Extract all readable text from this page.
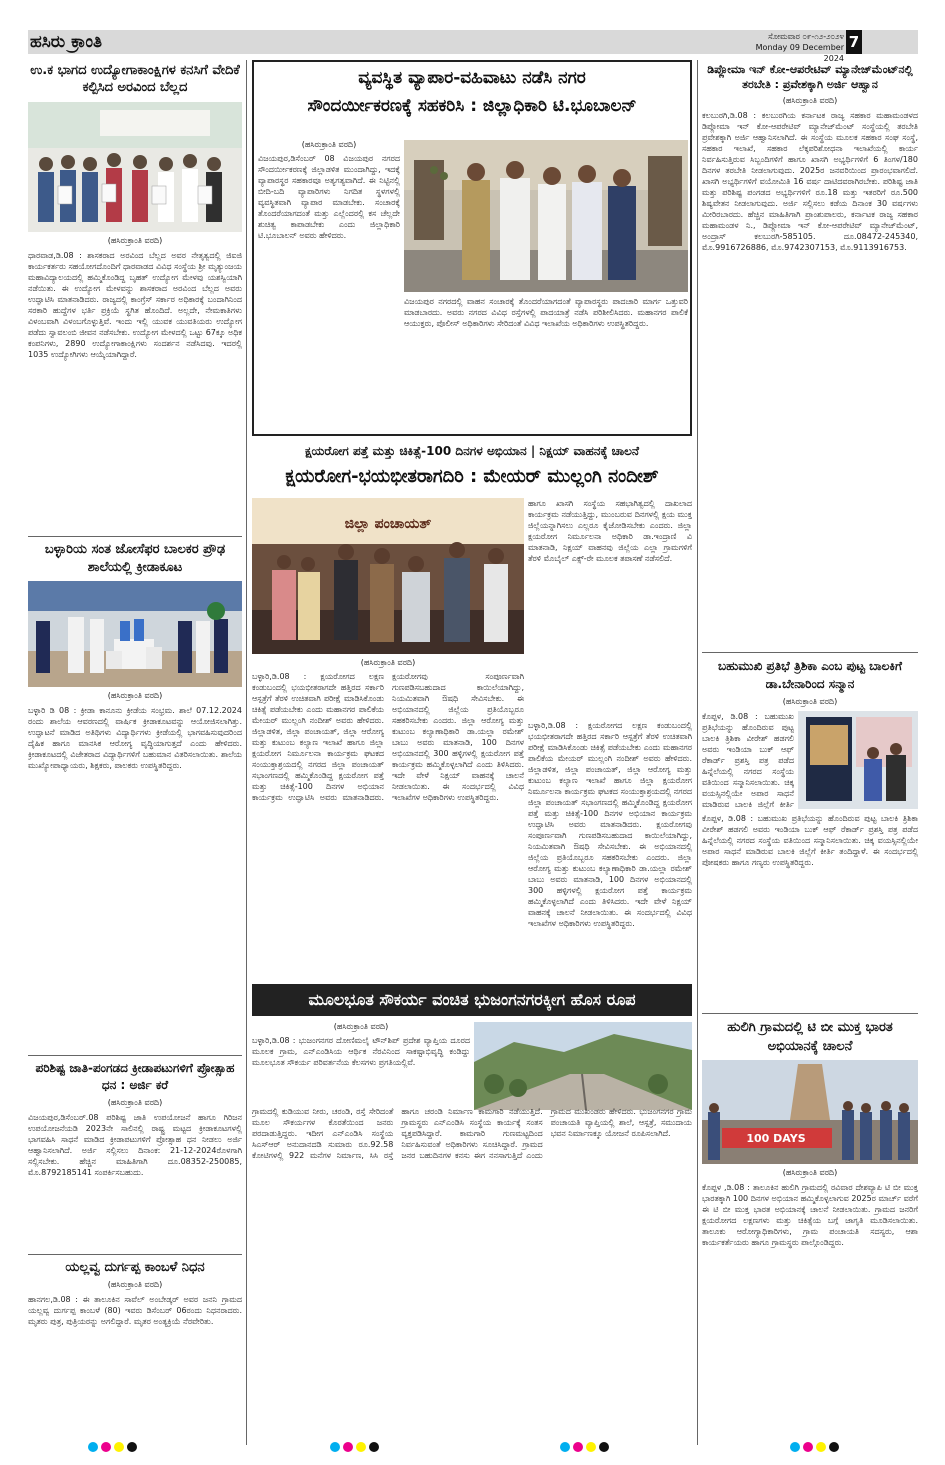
ಹಸಿರು ಕ್ರಾಂತಿ	ಸೋಮವಾರ ೦೯-೧೨-೨೦೨೪
Monday 09 December 2024
7
ಉ.ಕ ಭಾಗದ ಉದ್ಯೋಗಾಕಾಂಕ್ಷಿಗಳ ಕನಸಿಗೆ ವೇದಿಕೆ ಕಲ್ಪಿಸಿದ ಅರವಿಂದ ಬೆಲ್ಲದ
(ಹಸಿರುಕ್ರಾಂತಿ ವರದಿ)
ಧಾರವಾಡ,ಡಿ.08 : ಶಾಸಕರಾದ ಅರವಿಂದ ಬೆಲ್ಲದ ಅವರ ನೇತೃತ್ವದಲ್ಲಿ ಜಿಐಜಿ ಕಾರ್ಯಕರ್ತರು ಸಹಯೋಗದೊಂದಿಗೆ ಧಾರವಾಡದ ವಿವಿಧ ಸಂಸ್ಥೆಯ ಶ್ರೀ ಮೃತ್ಯುಂಜಯ ಮಹಾವಿದ್ಯಾಲಯದಲ್ಲಿ ಹಮ್ಮಿಕೊಂಡಿದ್ದ ಬೃಹತ್ ಉದ್ಯೋಗ ಮೇಳವು ಯಶಸ್ವಿಯಾಗಿ ನಡೆಯಿತು. ಈ ಉದ್ಯೋಗ ಮೇಳವನ್ನು ಶಾಸಕರಾದ ಅರವಿಂದ ಬೆಲ್ಲದ ಅವರು ಉದ್ಘಾಟಿಸಿ ಮಾತನಾಡಿದರು. ರಾಜ್ಯದಲ್ಲಿ ಕಾಂಗ್ರೆಸ್ ಸರ್ಕಾರ ಅಧಿಕಾರಕ್ಕೆ ಬಂದಾಗಿನಿಂದ ಸರಕಾರಿ ಹುದ್ದೆಗಳ ಭರ್ತಿ ಪ್ರಕ್ರಿಯೆ ಸ್ಥಗಿತ ಹೊಂದಿದೆ. ಅಲ್ಲದೇ, ನೇಮಕಾತಿಗಳು ವಿಳಂಬವಾಗಿ ವಿಳಂಬಗೊಳ್ಳುತ್ತಿವೆ. ಇಂದು ಇಲ್ಲಿ ಯುವಕ ಯುವತಿಯರು ಉದ್ಯೋಗ ಪಡೆದು ಸ್ವಾವಲಂಬಿ ಜೀವನ ನಡೆಸಬೇಕು. ಉದ್ಯೋಗ ಮೇಳದಲ್ಲಿ ಒಟ್ಟು 67ಕ್ಕೂ ಅಧಿಕ ಕಂಪನಿಗಳು, 2890 ಉದ್ಯೋಗಾಕಾಂಕ್ಷಿಗಳು ಸಂದರ್ಶನ ನಡೆಸಿದವು. ಇದರಲ್ಲಿ 1035 ಉದ್ಯೋಗಿಗಳು ಆಯ್ಕೆಯಾಗಿದ್ದಾರೆ.
ಬಳ್ಳಾರಿಯ ಸಂತ ಜೋಸೆಫರ ಬಾಲಕರ ಪ್ರೌಢ ಶಾಲೆಯಲ್ಲಿ ಕ್ರೀಡಾಕೂಟ
(ಹಸಿರುಕ್ರಾಂತಿ ವರದಿ)
ಬಳ್ಳಾರಿ ಡಿ 08 : ಕ್ರೀಡಾ ಕಾನೂನು ಕ್ರೀಡೆಯ ಸಂಭ್ರಮ. ಶಾಲೆ 07.12.2024 ರಂದು ಶಾಲೆಯ ಆವರಣದಲ್ಲಿ ವಾರ್ಷಿಕ ಕ್ರೀಡಾಕೂಟವನ್ನು ಆಯೋಜಿಸಲಾಗಿತ್ತು. ಉದ್ಘಾಟನೆ ಮಾಡಿದ ಅತಿಥಿಗಳು ವಿದ್ಯಾರ್ಥಿಗಳು ಕ್ರೀಡೆಯಲ್ಲಿ ಭಾಗವಹಿಸುವುದರಿಂದ ದೈಹಿಕ ಹಾಗೂ ಮಾನಸಿಕ ಆರೋಗ್ಯ ವೃದ್ಧಿಯಾಗುತ್ತದೆ ಎಂದು ಹೇಳಿದರು. ಕ್ರೀಡಾಕೂಟದಲ್ಲಿ ವಿಜೇತರಾದ ವಿದ್ಯಾರ್ಥಿಗಳಿಗೆ ಬಹುಮಾನ ವಿತರಿಸಲಾಯಿತು. ಶಾಲೆಯ ಮುಖ್ಯೋಪಾಧ್ಯಾಯರು, ಶಿಕ್ಷಕರು, ಪಾಲಕರು ಉಪಸ್ಥಿತರಿದ್ದರು.
ಪರಿಶಿಷ್ಟ ಜಾತಿ-ಪಂಗಡದ ಕ್ರೀಡಾಪಟುಗಳಿಗೆ ಪ್ರೋತ್ಸಾಹ ಧನ : ಅರ್ಜಿ ಕರೆ
(ಹಸಿರುಕ್ರಾಂತಿ ವರದಿ)
ವಿಜಯಪುರ,ಡಿಸೆಂಬರ್.08 ಪರಿಶಿಷ್ಟ ಜಾತಿ ಉಪಯೋಜನೆ ಹಾಗೂ ಗಿರಿಜನ ಉಪಯೋಜನೆಯಡಿ 2023ನೇ ಸಾಲಿನಲ್ಲಿ ರಾಷ್ಟ್ರ ಮಟ್ಟದ ಕ್ರೀಡಾಕೂಟಗಳಲ್ಲಿ ಭಾಗವಹಿಸಿ ಸಾಧನೆ ಮಾಡಿದ ಕ್ರೀಡಾಪಟುಗಳಿಗೆ ಪ್ರೋತ್ಸಾಹ ಧನ ನೀಡಲು ಅರ್ಜಿ ಆಹ್ವಾನಿಸಲಾಗಿದೆ. ಅರ್ಜಿ ಸಲ್ಲಿಸಲು ದಿನಾಂಕ: 21-12-2024ರೊಳಗಾಗಿ ಸಲ್ಲಿಸಬೇಕು. ಹೆಚ್ಚಿನ ಮಾಹಿತಿಗಾಗಿ ದೂ.08352-250085, ಮೊ.8792185141 ಸಂಪರ್ಕಿಸಬಹುದು.
ಯಲ್ಲವ್ವ ದುರ್ಗಪ್ಪ ಕಾಂಬಳೆ ನಿಧನ
(ಹಸಿರುಕ್ರಾಂತಿ ವರದಿ)
ಹಾನಗಲ,ಡಿ.08 : ಈ ತಾಲೂಕಿನ ಸಾವೆಲ್ ಅಂಬೇಡ್ಕರ್ ಅವರ ಜನನಿ ಗ್ರಾಮದ ಯಲ್ಲವ್ವ ದುರ್ಗಪ್ಪ ಕಾಂಬಳೆ (80) ಇವರು ಡಿಸೆಂಬರ್ 06ರಂದು ನಿಧನರಾದರು. ಮೃತರು ಪುತ್ರ, ಪುತ್ರಿಯರನ್ನು ಅಗಲಿದ್ದಾರೆ. ಮೃತರ ಅಂತ್ಯಕ್ರಿಯೆ ನೆರವೇರಿತು.
ವ್ಯವಸ್ಥಿತ ವ್ಯಾಪಾರ-ವಹಿವಾಟು ನಡೆಸಿ ನಗರ
ಸೌಂದರ್ಯೀಕರಣಕ್ಕೆ ಸಹಕರಿಸಿ : ಜಿಲ್ಲಾಧಿಕಾರಿ ಟಿ.ಭೂಬಾಲನ್
(ಹಸಿರುಕ್ರಾಂತಿ ವರದಿ)
ವಿಜಯಪುರ,ಡಿಸೆಂಬರ್ 08 ವಿಜಯಪುರ ನಗರದ ಸೌಂದರ್ಯೀಕರಣಕ್ಕೆ ಜಿಲ್ಲಾಡಳಿತ ಮುಂದಾಗಿದ್ದು, ಇದಕ್ಕೆ ವ್ಯಾಪಾರಸ್ಥರ ಸಹಕಾರವೂ ಅತ್ಯಗತ್ಯವಾಗಿದೆ. ಈ ನಿಟ್ಟಿನಲ್ಲಿ ಬೀದಿ-ಬದಿ ವ್ಯಾಪಾರಿಗಳು ನಿಗದಿತ ಸ್ಥಳಗಳಲ್ಲಿ ವ್ಯವಸ್ಥಿತವಾಗಿ ವ್ಯಾಪಾರ ಮಾಡಬೇಕು. ಸಂಚಾರಕ್ಕೆ ತೊಂದರೆಯಾಗದಂತೆ ಮತ್ತು ಎಲ್ಲೆಂದರಲ್ಲಿ ಕಸ ಚೆಲ್ಲದೇ ಶುಚಿತ್ವ ಕಾಪಾಡಬೇಕು ಎಂದು ಜಿಲ್ಲಾಧಿಕಾರಿ ಟಿ.ಭೂಬಾಲನ್ ಅವರು ಹೇಳಿದರು.
ವಿಜಯಪುರ ನಗರದಲ್ಲಿ ವಾಹನ ಸಂಚಾರಕ್ಕೆ ತೊಂದರೆಯಾಗದಂತೆ ವ್ಯಾಪಾರಸ್ಥರು ಪಾದಚಾರಿ ಮಾರ್ಗ ಒತ್ತುವರಿ ಮಾಡಬಾರದು. ಅವರು ನಗರದ ವಿವಿಧ ರಸ್ತೆಗಳಲ್ಲಿ ಪಾದಯಾತ್ರೆ ನಡೆಸಿ ಪರಿಶೀಲಿಸಿದರು. ಮಹಾನಗರ ಪಾಲಿಕೆ ಆಯುಕ್ತರು, ಪೊಲೀಸ್ ಅಧಿಕಾರಿಗಳು ಸೇರಿದಂತೆ ವಿವಿಧ ಇಲಾಖೆಯ ಅಧಿಕಾರಿಗಳು ಉಪಸ್ಥಿತರಿದ್ದರು.
ಕ್ಷಯರೋಗ ಪತ್ತೆ ಮತ್ತು ಚಿಕಿತ್ಸೆ-100 ದಿನಗಳ ಅಭಿಯಾನ | ನಿಕ್ಷಯ್ ವಾಹನಕ್ಕೆ ಚಾಲನೆ
ಕ್ಷಯರೋಗ-ಭಯಭೀತರಾಗದಿರಿ : ಮೇಯರ್ ಮುಲ್ಲಂಗಿ ನಂದೀಶ್
ಜಿಲ್ಲಾ ಪಂಚಾಯತ್
ಹಾಗೂ ಖಾಸಗಿ ಸಂಸ್ಥೆಯ ಸಹಭಾಗಿತ್ವದಲ್ಲಿ ದಾಖಲಾದ ಕಾರ್ಯಕ್ರಮ ನಡೆಯುತ್ತಿದ್ದು, ಮುಂಬರುವ ದಿನಗಳಲ್ಲಿ ಕ್ಷಯ ಮುಕ್ತ ಜಿಲ್ಲೆಯನ್ನಾಗಿಸಲು ಎಲ್ಲರೂ ಕೈಜೋಡಿಸಬೇಕು ಎಂದರು. ಜಿಲ್ಲಾ ಕ್ಷಯರೋಗ ನಿರ್ಮೂಲನಾ ಅಧಿಕಾರಿ ಡಾ.ಇಂದ್ರಾಣಿ ವಿ ಮಾತನಾಡಿ, ನಿಕ್ಷಯ್ ವಾಹನವು ಜಿಲ್ಲೆಯ ಎಲ್ಲಾ ಗ್ರಾಮಗಳಿಗೆ ತೆರಳಿ ಮೊಬೈಲ್ ಎಕ್ಸ್-ರೇ ಮೂಲಕ ತಪಾಸಣೆ ನಡೆಸಲಿದೆ.
(ಹಸಿರುಕ್ರಾಂತಿ ವರದಿ)
ಬಳ್ಳಾರಿ,ಡಿ.08 : ಕ್ಷಯರೋಗದ ಲಕ್ಷಣ ಕಂಡುಬಂದಲ್ಲಿ ಭಯಭೀತರಾಗದೇ ಹತ್ತಿರದ ಸರ್ಕಾರಿ ಆಸ್ಪತ್ರೆಗೆ ತೆರಳಿ ಉಚಿತವಾಗಿ ಪರೀಕ್ಷೆ ಮಾಡಿಸಿಕೊಂಡು ಚಿಕಿತ್ಸೆ ಪಡೆಯಬೇಕು ಎಂದು ಮಹಾನಗರ ಪಾಲಿಕೆಯ ಮೇಯರ್ ಮುಲ್ಲಂಗಿ ನಂದೀಶ್ ಅವರು ಹೇಳಿದರು. ಜಿಲ್ಲಾಡಳಿತ, ಜಿಲ್ಲಾ ಪಂಚಾಯತ್, ಜಿಲ್ಲಾ ಆರೋಗ್ಯ ಮತ್ತು ಕುಟುಂಬ ಕಲ್ಯಾಣ ಇಲಾಖೆ ಹಾಗೂ ಜಿಲ್ಲಾ ಕ್ಷಯರೋಗ ನಿರ್ಮೂಲನಾ ಕಾರ್ಯಕ್ರಮ ಘಟಕದ ಸಂಯುಕ್ತಾಶ್ರಯದಲ್ಲಿ ನಗರದ ಜಿಲ್ಲಾ ಪಂಚಾಯತ್ ಸಭಾಂಗಣದಲ್ಲಿ ಹಮ್ಮಿಕೊಂಡಿದ್ದ ಕ್ಷಯರೋಗ ಪತ್ತೆ ಮತ್ತು ಚಿಕಿತ್ಸೆ-100 ದಿನಗಳ ಅಭಿಯಾನ ಕಾರ್ಯಕ್ರಮ ಉದ್ಘಾಟಿಸಿ ಅವರು ಮಾತನಾಡಿದರು. ಕ್ಷಯರೋಗವು ಸಂಪೂರ್ಣವಾಗಿ ಗುಣಪಡಿಸಬಹುದಾದ ಕಾಯಿಲೆಯಾಗಿದ್ದು, ನಿಯಮಿತವಾಗಿ ಔಷಧಿ ಸೇವಿಸಬೇಕು. ಈ ಅಭಿಯಾನದಲ್ಲಿ ಜಿಲ್ಲೆಯ ಪ್ರತಿಯೊಬ್ಬರೂ ಸಹಕರಿಸಬೇಕು ಎಂದರು. ಜಿಲ್ಲಾ ಆರೋಗ್ಯ ಮತ್ತು ಕುಟುಂಬ ಕಲ್ಯಾಣಾಧಿಕಾರಿ ಡಾ.ಯಲ್ಲಾ ರಮೇಶ್ ಬಾಬು ಅವರು ಮಾತನಾಡಿ, 100 ದಿನಗಳ ಅಭಿಯಾನದಲ್ಲಿ 300 ಹಳ್ಳಿಗಳಲ್ಲಿ ಕ್ಷಯರೋಗ ಪತ್ತೆ ಕಾರ್ಯಕ್ರಮ ಹಮ್ಮಿಕೊಳ್ಳಲಾಗಿದೆ ಎಂದು ತಿಳಿಸಿದರು. ಇದೇ ವೇಳೆ ನಿಕ್ಷಯ್ ವಾಹನಕ್ಕೆ ಚಾಲನೆ ನೀಡಲಾಯಿತು. ಈ ಸಂದರ್ಭದಲ್ಲಿ ವಿವಿಧ ಇಲಾಖೆಗಳ ಅಧಿಕಾರಿಗಳು ಉಪಸ್ಥಿತರಿದ್ದರು.
ಬಳ್ಳಾರಿ,ಡಿ.08 : ಕ್ಷಯರೋಗದ ಲಕ್ಷಣ ಕಂಡುಬಂದಲ್ಲಿ ಭಯಭೀತರಾಗದೇ ಹತ್ತಿರದ ಸರ್ಕಾರಿ ಆಸ್ಪತ್ರೆಗೆ ತೆರಳಿ ಉಚಿತವಾಗಿ ಪರೀಕ್ಷೆ ಮಾಡಿಸಿಕೊಂಡು ಚಿಕಿತ್ಸೆ ಪಡೆಯಬೇಕು ಎಂದು ಮಹಾನಗರ ಪಾಲಿಕೆಯ ಮೇಯರ್ ಮುಲ್ಲಂಗಿ ನಂದೀಶ್ ಅವರು ಹೇಳಿದರು. ಜಿಲ್ಲಾಡಳಿತ, ಜಿಲ್ಲಾ ಪಂಚಾಯತ್, ಜಿಲ್ಲಾ ಆರೋಗ್ಯ ಮತ್ತು ಕುಟುಂಬ ಕಲ್ಯಾಣ ಇಲಾಖೆ ಹಾಗೂ ಜಿಲ್ಲಾ ಕ್ಷಯರೋಗ ನಿರ್ಮೂಲನಾ ಕಾರ್ಯಕ್ರಮ ಘಟಕದ ಸಂಯುಕ್ತಾಶ್ರಯದಲ್ಲಿ ನಗರದ ಜಿಲ್ಲಾ ಪಂಚಾಯತ್ ಸಭಾಂಗಣದಲ್ಲಿ ಹಮ್ಮಿಕೊಂಡಿದ್ದ ಕ್ಷಯರೋಗ ಪತ್ತೆ ಮತ್ತು ಚಿಕಿತ್ಸೆ-100 ದಿನಗಳ ಅಭಿಯಾನ ಕಾರ್ಯಕ್ರಮ ಉದ್ಘಾಟಿಸಿ ಅವರು ಮಾತನಾಡಿದರು. ಕ್ಷಯರೋಗವು ಸಂಪೂರ್ಣವಾಗಿ ಗುಣಪಡಿಸಬಹುದಾದ ಕಾಯಿಲೆಯಾಗಿದ್ದು, ನಿಯಮಿತವಾಗಿ ಔಷಧಿ ಸೇವಿಸಬೇಕು. ಈ ಅಭಿಯಾನದಲ್ಲಿ ಜಿಲ್ಲೆಯ ಪ್ರತಿಯೊಬ್ಬರೂ ಸಹಕರಿಸಬೇಕು ಎಂದರು. ಜಿಲ್ಲಾ ಆರೋಗ್ಯ ಮತ್ತು ಕುಟುಂಬ ಕಲ್ಯಾಣಾಧಿಕಾರಿ ಡಾ.ಯಲ್ಲಾ ರಮೇಶ್ ಬಾಬು ಅವರು ಮಾತನಾಡಿ, 100 ದಿನಗಳ ಅಭಿಯಾನದಲ್ಲಿ 300 ಹಳ್ಳಿಗಳಲ್ಲಿ ಕ್ಷಯರೋಗ ಪತ್ತೆ ಕಾರ್ಯಕ್ರಮ ಹಮ್ಮಿಕೊಳ್ಳಲಾಗಿದೆ ಎಂದು ತಿಳಿಸಿದರು. ಇದೇ ವೇಳೆ ನಿಕ್ಷಯ್ ವಾಹನಕ್ಕೆ ಚಾಲನೆ ನೀಡಲಾಯಿತು. ಈ ಸಂದರ್ಭದಲ್ಲಿ ವಿವಿಧ ಇಲಾಖೆಗಳ ಅಧಿಕಾರಿಗಳು ಉಪಸ್ಥಿತರಿದ್ದರು.
ಮೂಲಭೂತ ಸೌಕರ್ಯ ವಂಚಿತ ಭುಜಂಗನಗರಕ್ಕೀಗ ಹೊಸ ರೂಪ
(ಹಸಿರುಕ್ರಾಂತಿ ವರದಿ)
ಬಳ್ಳಾರಿ,ಡಿ.08 : ಭುಜಂಗನಗರ ದೋಣಿಮಲೈ ಟೌನ್‌ಶಿಪ್ ಪ್ರದೇಶ ವ್ಯಾಪ್ತಿಯ ದೂರದ ಮೂಲಕ ಗ್ರಾಮ, ಎನ್‌ಎಂಡಿಸಿಯ ಆರ್ಥಿಕ ನೆರವಿನಿಂದ ಸಾಕಷ್ಟಾಭಿವೃದ್ಧಿ ಕಂಡಿದ್ದು ಮೂಲಭೂತ ಸೌಕರ್ಯ ಪರಿವರ್ತನೆಯ ಕೆಲಸಗಳು ಪ್ರಗತಿಯಲ್ಲಿವೆ.
ಗ್ರಾಮದಲ್ಲಿ ಕುಡಿಯುವ ನೀರು, ಚರಂಡಿ, ರಸ್ತೆ ಸೇರಿದಂತೆ ಮೂಲ ಸೌಕರ್ಯಗಳ ಕೊರತೆಯಿಂದ ಜನರು ಪರದಾಡುತ್ತಿದ್ದರು. ಇದೀಗ ಎನ್‌ಎಂಡಿಸಿ ಸಂಸ್ಥೆಯ ಸಿಎಸ್‌ಆರ್ ಅನುದಾನದಡಿ ಸುಮಾರು ರೂ.92.58 ಕೋಟಿಗಳಲ್ಲಿ 922 ಮನೆಗಳ ನಿರ್ಮಾಣ, ಸಿಸಿ ರಸ್ತೆ ಹಾಗೂ ಚರಂಡಿ ನಿರ್ಮಾಣ ಕಾಮಗಾರಿ ನಡೆಯುತ್ತಿದೆ. ಗ್ರಾಮಸ್ಥರು ಎನ್‌ಎಂಡಿಸಿ ಸಂಸ್ಥೆಯ ಕಾರ್ಯಕ್ಕೆ ಸಂತಸ ವ್ಯಕ್ತಪಡಿಸಿದ್ದಾರೆ. ಕಾಮಗಾರಿ ಗುಣಮಟ್ಟದಿಂದ ನಿರ್ವಹಿಸುವಂತೆ ಅಧಿಕಾರಿಗಳು ಸೂಚಿಸಿದ್ದಾರೆ. ಗ್ರಾಮದ ಜನರ ಬಹುದಿನಗಳ ಕನಸು ಈಗ ನನಸಾಗುತ್ತಿದೆ ಎಂದು ಗ್ರಾಮದ ಮುಖಂಡರು ಹೇಳಿದರು. ಭುಜಂಗನಗರ ಗ್ರಾಮ ಪಂಚಾಯತಿ ವ್ಯಾಪ್ತಿಯಲ್ಲಿ ಶಾಲೆ, ಆಸ್ಪತ್ರೆ, ಸಮುದಾಯ ಭವನ ನಿರ್ಮಾಣಕ್ಕೂ ಯೋಜನೆ ರೂಪಿಸಲಾಗಿದೆ.
ಡಿಪ್ಲೋಮಾ ಇನ್ ಕೋ-ಆಪರೇಟಿವ್ ಮ್ಯಾನೇಜ್‌ಮೆಂಟ್‌ನಲ್ಲಿ
ತರಬೇತಿ : ಪ್ರವೇಶಕ್ಕಾಗಿ ಅರ್ಜಿ ಆಹ್ವಾನ
(ಹಸಿರುಕ್ರಾಂತಿ ವರದಿ)
ಕಲಬುರಗಿ,ಡಿ.08 : ಕಲಬುರಗಿಯ ಕರ್ನಾಟಕ ರಾಜ್ಯ ಸಹಕಾರ ಮಹಾಮಂಡಳದ ಡಿಪ್ಲೋಮಾ ಇನ್ ಕೋ-ಆಪರೇಟಿವ್ ಮ್ಯಾನೇಜ್‌ಮೆಂಟ್ ಸಂಸ್ಥೆಯಲ್ಲಿ ತರಬೇತಿ ಪ್ರವೇಶಕ್ಕಾಗಿ ಅರ್ಜಿ ಆಹ್ವಾನಿಸಲಾಗಿದೆ. ಈ ಸಂಸ್ಥೆಯ ಮೂಲಕ ಸಹಕಾರ ಸಂಘ ಸಂಸ್ಥೆ, ಸಹಕಾರ ಇಲಾಖೆ, ಸಹಕಾರ ಲೆಕ್ಕಪರಿಶೋಧನಾ ಇಲಾಖೆಯಲ್ಲಿ ಕಾರ್ಯ ನಿರ್ವಹಿಸುತ್ತಿರುವ ಸಿಬ್ಬಂದಿಗಳಿಗೆ ಹಾಗೂ ಖಾಸಗಿ ಅಭ್ಯರ್ಥಿಗಳಿಗೆ 6 ತಿಂಗಳ/180 ದಿನಗಳ ತರಬೇತಿ ನೀಡಲಾಗುವುದು. 2025ರ ಜನವರಿಯಿಂದ ಪ್ರಾರಂಭವಾಗಲಿದೆ. ಖಾಸಗಿ ಅಭ್ಯರ್ಥಿಗಳಿಗೆ ವಯೋಮಿತಿ 16 ವರ್ಷ ದಾಟಿದವರಾಗಿರಬೇಕು. ಪರಿಶಿಷ್ಟ ಜಾತಿ ಮತ್ತು ಪರಿಶಿಷ್ಟ ಪಂಗಡದ ಅಭ್ಯರ್ಥಿಗಳಿಗೆ ರೂ.18 ಮತ್ತು ಇತರರಿಗೆ ರೂ.500 ಶಿಷ್ಯವೇತನ ನೀಡಲಾಗುವುದು. ಅರ್ಜಿ ಸಲ್ಲಿಸಲು ಕಡೆಯ ದಿನಾಂಕ 30 ವರ್ಷಗಳು ಮೀರಿರಬಾರದು. ಹೆಚ್ಚಿನ ಮಾಹಿತಿಗಾಗಿ ಪ್ರಾಂಶುಪಾಲರು, ಕರ್ನಾಟಕ ರಾಜ್ಯ ಸಹಕಾರ ಮಹಾಮಂಡಳ ನಿ., ಡಿಪ್ಲೋಮಾ ಇನ್ ಕೋ-ಆಪರೇಟಿವ್ ಮ್ಯಾನೇಜ್‌ಮೆಂಟ್, ಅಂದ್ರಾಸ್ ಕಲಬುರಗಿ-585105. ದೂ.08472-245340, ಮೊ.9916726886, ಮೊ.9742307153, ಮೊ.9113916753.
ಬಹುಮುಖಿ ಪ್ರತಿಭೆ ತ್ರಿಶಿಕಾ ಎಂಬ ಪುಟ್ಟ ಬಾಲಕಿಗೆ ಡಾ.ಬೇನಾರಿಂದ ಸನ್ಮಾನ
(ಹಸಿರುಕ್ರಾಂತಿ ವರದಿ)
ಕೊಪ್ಪಳ, ಡಿ.08 : ಬಹುಮುಖ ಪ್ರತಿಭೆಯನ್ನು ಹೊಂದಿರುವ ಪುಟ್ಟ ಬಾಲಕಿ ತ್ರಿಶಿಕಾ ವೀರೇಶ್ ಹಡಗಲಿ ಅವರು ಇಂಡಿಯಾ ಬುಕ್ ಆಫ್ ರೆಕಾರ್ಡ್ ಪ್ರಶಸ್ತಿ ಪತ್ರ ಪಡೆದ ಹಿನ್ನೆಲೆಯಲ್ಲಿ ನಗರದ ಸಂಸ್ಥೆಯ ವತಿಯಿಂದ ಸನ್ಮಾನಿಸಲಾಯಿತು. ಚಿಕ್ಕ ವಯಸ್ಸಿನಲ್ಲಿಯೇ ಅಪಾರ ಸಾಧನೆ ಮಾಡಿರುವ ಬಾಲಕಿ ಜಿಲ್ಲೆಗೆ ಕೀರ್ತಿ
ಕೊಪ್ಪಳ, ಡಿ.08 : ಬಹುಮುಖ ಪ್ರತಿಭೆಯನ್ನು ಹೊಂದಿರುವ ಪುಟ್ಟ ಬಾಲಕಿ ತ್ರಿಶಿಕಾ ವೀರೇಶ್ ಹಡಗಲಿ ಅವರು ಇಂಡಿಯಾ ಬುಕ್ ಆಫ್ ರೆಕಾರ್ಡ್ ಪ್ರಶಸ್ತಿ ಪತ್ರ ಪಡೆದ ಹಿನ್ನೆಲೆಯಲ್ಲಿ ನಗರದ ಸಂಸ್ಥೆಯ ವತಿಯಿಂದ ಸನ್ಮಾನಿಸಲಾಯಿತು. ಚಿಕ್ಕ ವಯಸ್ಸಿನಲ್ಲಿಯೇ ಅಪಾರ ಸಾಧನೆ ಮಾಡಿರುವ ಬಾಲಕಿ ಜಿಲ್ಲೆಗೆ ಕೀರ್ತಿ ತಂದಿದ್ದಾಳೆ. ಈ ಸಂದರ್ಭದಲ್ಲಿ ಪೋಷಕರು ಹಾಗೂ ಗಣ್ಯರು ಉಪಸ್ಥಿತರಿದ್ದರು.
ಹುಲಿಗಿ ಗ್ರಾಮದಲ್ಲಿ ಟಿ ಬೀ ಮುಕ್ತ ಭಾರತ ಅಭಿಯಾನಕ್ಕೆ ಚಾಲನೆ
100 DAYS
(ಹಸಿರುಕ್ರಾಂತಿ ವರದಿ)
ಕೊಪ್ಪಳ ,ಡಿ.08 : ತಾಲೂಕಿನ ಹುಲಿಗಿ ಗ್ರಾಮದಲ್ಲಿ ರವಿವಾರ ದೇಶವ್ಯಾಪಿ ಟಿ ಬೀ ಮುಕ್ತ ಭಾರತಕ್ಕಾಗಿ 100 ದಿನಗಳ ಅಭಿಯಾನ ಹಮ್ಮಿಕೊಳ್ಳಲಾಗುವ 2025ರ ಮಾರ್ಚ್ ವರೆಗೆ ಈ ಟಿ ಬೀ ಮುಕ್ತ ಭಾರತ ಅಭಿಯಾನಕ್ಕೆ ಚಾಲನೆ ನೀಡಲಾಯಿತು. ಗ್ರಾಮದ ಜನರಿಗೆ ಕ್ಷಯರೋಗದ ಲಕ್ಷಣಗಳು ಮತ್ತು ಚಿಕಿತ್ಸೆಯ ಬಗ್ಗೆ ಜಾಗೃತಿ ಮೂಡಿಸಲಾಯಿತು. ತಾಲೂಕು ಆರೋಗ್ಯಾಧಿಕಾರಿಗಳು, ಗ್ರಾಮ ಪಂಚಾಯತಿ ಸದಸ್ಯರು, ಆಶಾ ಕಾರ್ಯಕರ್ತೆಯರು ಹಾಗೂ ಗ್ರಾಮಸ್ಥರು ಪಾಲ್ಗೊಂಡಿದ್ದರು.
